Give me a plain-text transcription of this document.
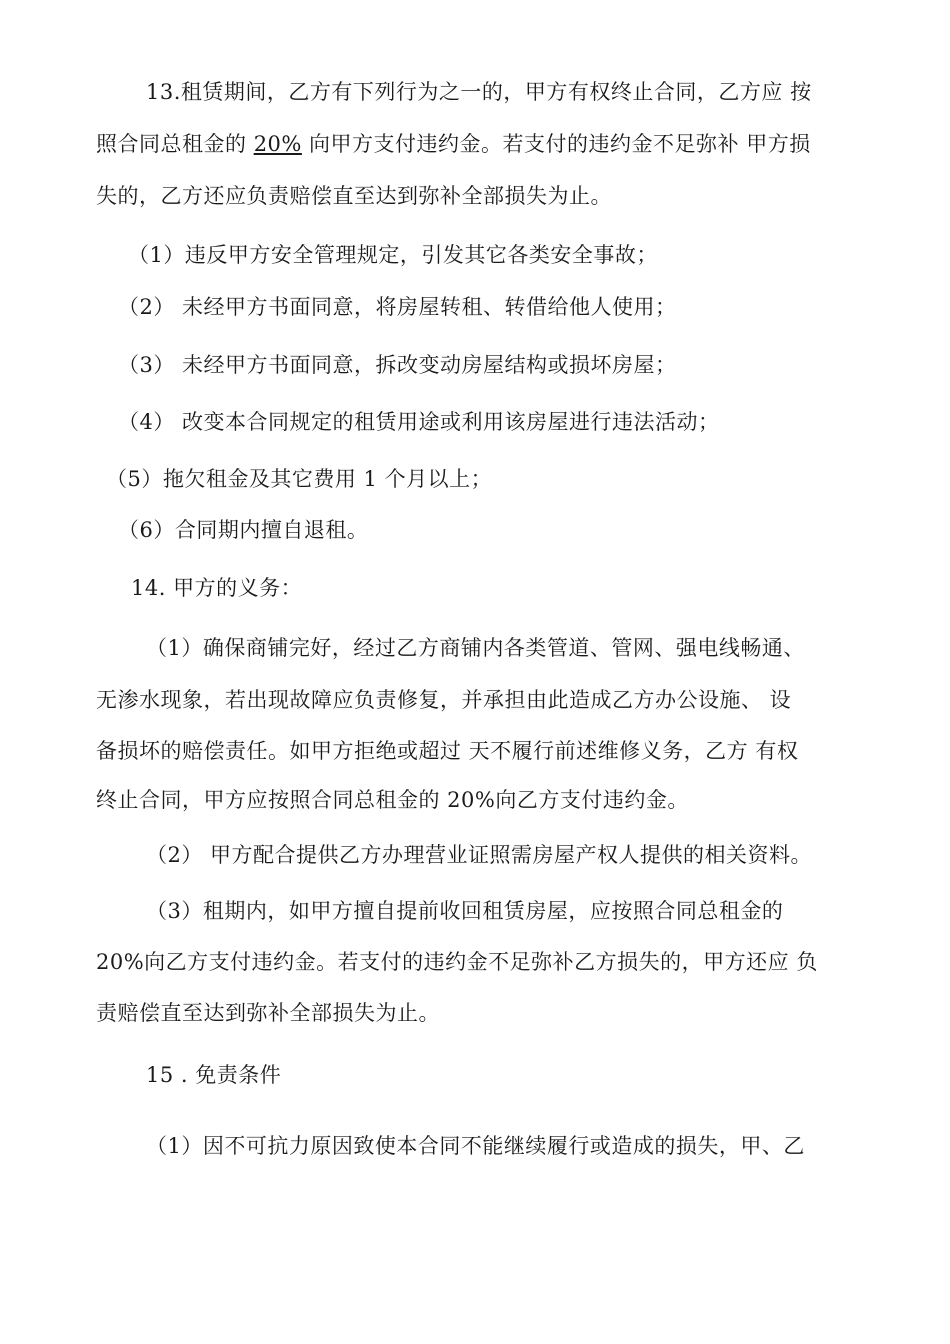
13.租赁期间，乙方有下列行为之一的，甲方有权终止合同，乙方应 按
照合同总租金的 20% 向甲方支付违约金。若支付的违约金不足弥补 甲方损
失的，乙方还应负责赔偿直至达到弥补全部损失为止。
（1）违反甲方安全管理规定，引发其它各类安全事故；
（2） 未经甲方书面同意，将房屋转租、转借给他人使用；
（3） 未经甲方书面同意，拆改变动房屋结构或损坏房屋；
（4） 改变本合同规定的租赁用途或利用该房屋进行违法活动；
（5）拖欠租金及其它费用 1 个月以上；
（6）合同期内擅自退租。
14. 甲方的义务：
（1）确保商铺完好，经过乙方商铺内各类管道、管网、强电线畅通、
无渗水现象，若出现故障应负责修复，并承担由此造成乙方办公设施、 设
备损坏的赔偿责任。如甲方拒绝或超过 天不履行前述维修义务，乙方 有权
终止合同，甲方应按照合同总租金的 20%向乙方支付违约金。
（2） 甲方配合提供乙方办理营业证照需房屋产权人提供的相关资料。
（3）租期内，如甲方擅自提前收回租赁房屋，应按照合同总租金的
20%向乙方支付违约金。若支付的违约金不足弥补乙方损失的，甲方还应 负
责赔偿直至达到弥补全部损失为止。
15 . 免责条件
（1）因不可抗力原因致使本合同不能继续履行或造成的损失，甲、乙
